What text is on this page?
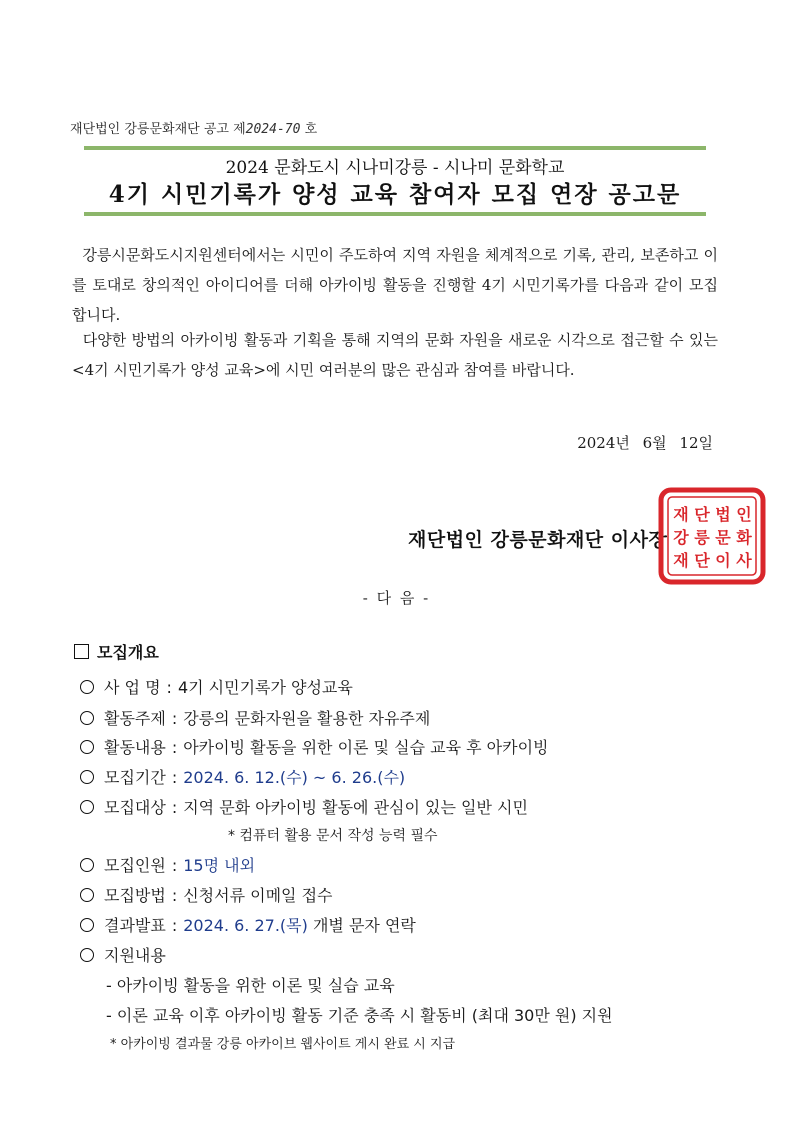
재단법인 강릉문화재단 공고 제2024-70 호
2024 문화도시 시나미강릉 - 시나미 문화학교
4기 시민기록가 양성 교육 참여자 모집 연장 공고문
강릉시문화도시지원센터에서는 시민이 주도하여 지역 자원을 체계적으로 기록, 관리, 보존하고 이를 토대로 창의적인 아이디어를 더해 아카이빙 활동을 진행할 4기 시민기록가를 다음과 같이 모집합니다.
다양한 방법의 아카이빙 활동과 기획을 통해 지역의 문화 자원을 새로운 시각으로 접근할 수 있는 <4기 시민기록가 양성 교육>에 시민 여러분의 많은 관심과 참여를 바랍니다.
2024년 6월 12일
재단법인 강릉문화재단 이사장
재 단 법 인
강 릉 문 화
재 단 이 사
- 다 음 -
모집개요
사 업 명 : 4기 시민기록가 양성교육
활동주제 : 강릉의 문화자원을 활용한 자유주제
활동내용 : 아카이빙 활동을 위한 이론 및 실습 교육 후 아카이빙
모집기간 : 2024. 6. 12.(수) ~ 6. 26.(수)
모집대상 : 지역 문화 아카이빙 활동에 관심이 있는 일반 시민
* 컴퓨터 활용 문서 작성 능력 필수
모집인원 : 15명 내외
모집방법 : 신청서류 이메일 접수
결과발표 : 2024. 6. 27.(목) 개별 문자 연락
지원내용
- 아카이빙 활동을 위한 이론 및 실습 교육
- 이론 교육 이후 아카이빙 활동 기준 충족 시 활동비 (최대 30만 원) 지원
* 아카이빙 결과물 강릉 아카이브 웹사이트 게시 완료 시 지급
